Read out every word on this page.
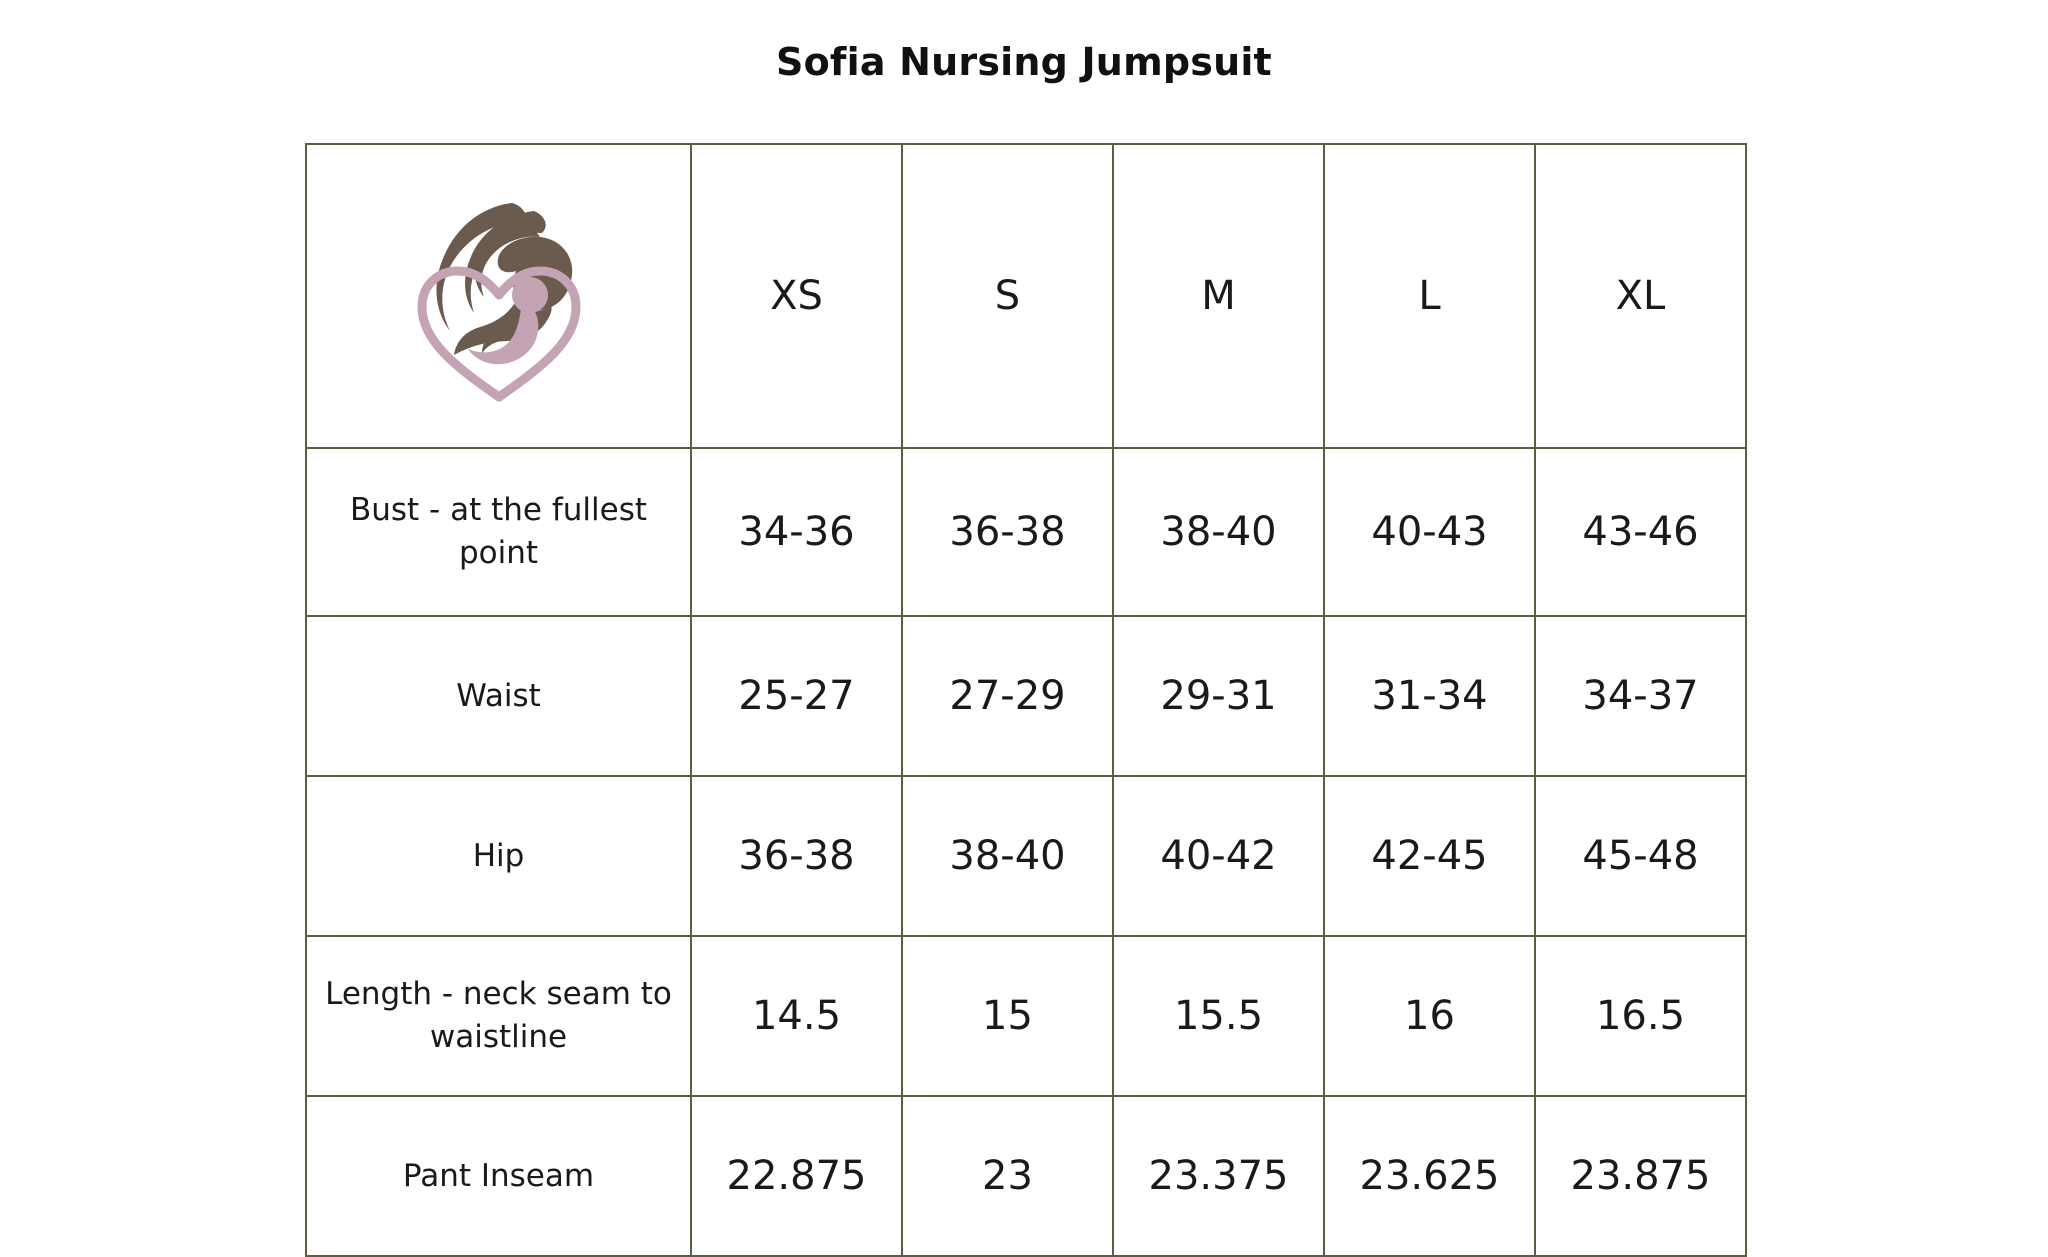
Sofia Nursing Jumpsuit
	XS	S	M	L	XL
Bust - at the fullest point	34-36	36-38	38-40	40-43	43-46
Waist	25-27	27-29	29-31	31-34	34-37
Hip	36-38	38-40	40-42	42-45	45-48
Length - neck seam to waistline	14.5	15	15.5	16	16.5
Pant Inseam	22.875	23	23.375	23.625	23.875
